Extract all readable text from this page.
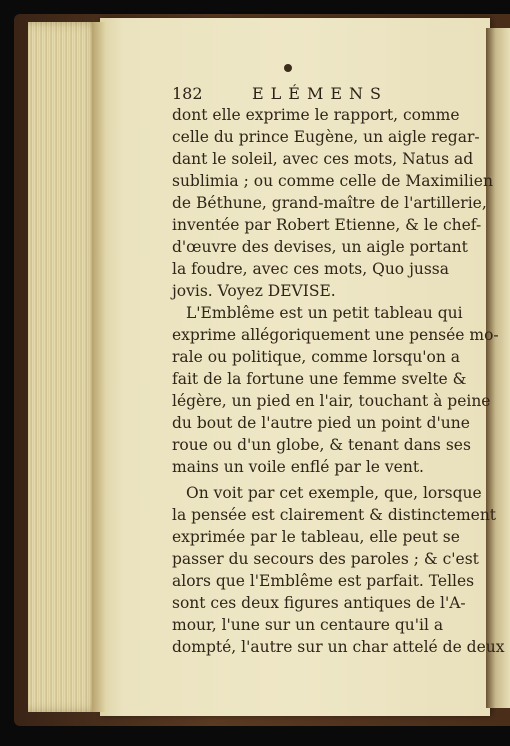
182	ELÉMENS
dont elle exprime le rapport, comme
celle du prince Eugène, un aigle regar-
dant le soleil, avec ces mots, Natus ad
sublimia ; ou comme celle de Maximilien
de Béthune, grand-maître de l'artillerie,
inventée par Robert Etienne, & le chef-
d'œuvre des devises, un aigle portant
la foudre, avec ces mots, Quo jussa
jovis. Voyez DEVISE.
L'Emblême est un petit tableau qui
exprime allégoriquement une pensée mo-
rale ou politique, comme lorsqu'on a
fait de la fortune une femme svelte &
légère, un pied en l'air, touchant à peine
du bout de l'autre pied un point d'une
roue ou d'un globe, & tenant dans ses
mains un voile enflé par le vent.
On voit par cet exemple, que, lorsque
la pensée est clairement & distinctement
exprimée par le tableau, elle peut se
passer du secours des paroles ; & c'est
alors que l'Emblême est parfait. Telles
sont ces deux figures antiques de l'A-
mour, l'une sur un centaure qu'il a
dompté, l'autre sur un char attelé de deux
